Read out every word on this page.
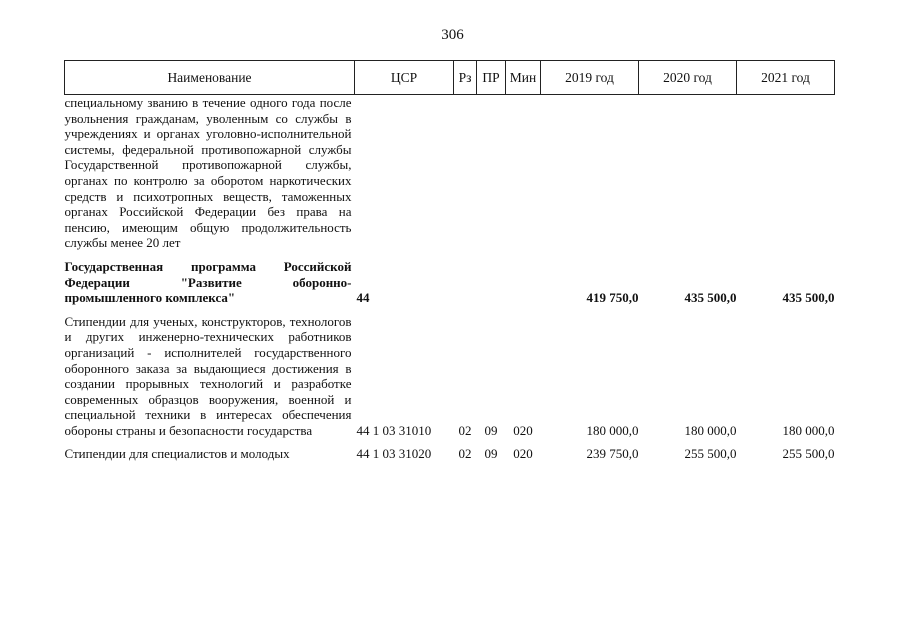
306
Наименование	ЦСР	Рз	ПР	Мин	2019 год	2020 год	2021 год
специальному званию в течение одного года после увольнения гражданам, уволенным со службы в учреждениях и органах уголовно-исполнительной системы, федеральной противопожарной службы Государственной противопожарной службы, органах по контролю за оборотом наркотических средств и психотропных веществ, таможенных органах Российской Федерации без права на пенсию, имеющим общую продолжительность службы менее 20 лет							

Государственная программа Российской Федерации "Развитие оборонно-промышленного комплекса"	44				419 750,0	435 500,0	435 500,0

Стипендии для ученых, конструкторов, технологов и других инженерно-технических работников организаций - исполнителей государственного оборонного заказа за выдающиеся достижения в создании прорывных технологий и разработке современных образцов вооружения, военной и специальной техники в интересах обеспечения обороны страны и безопасности государства	44 1 03 31010	02	09	020	180 000,0	180 000,0	180 000,0

Стипендии для специалистов и молодых	44 1 03 31020	02	09	020	239 750,0	255 500,0	255 500,0
